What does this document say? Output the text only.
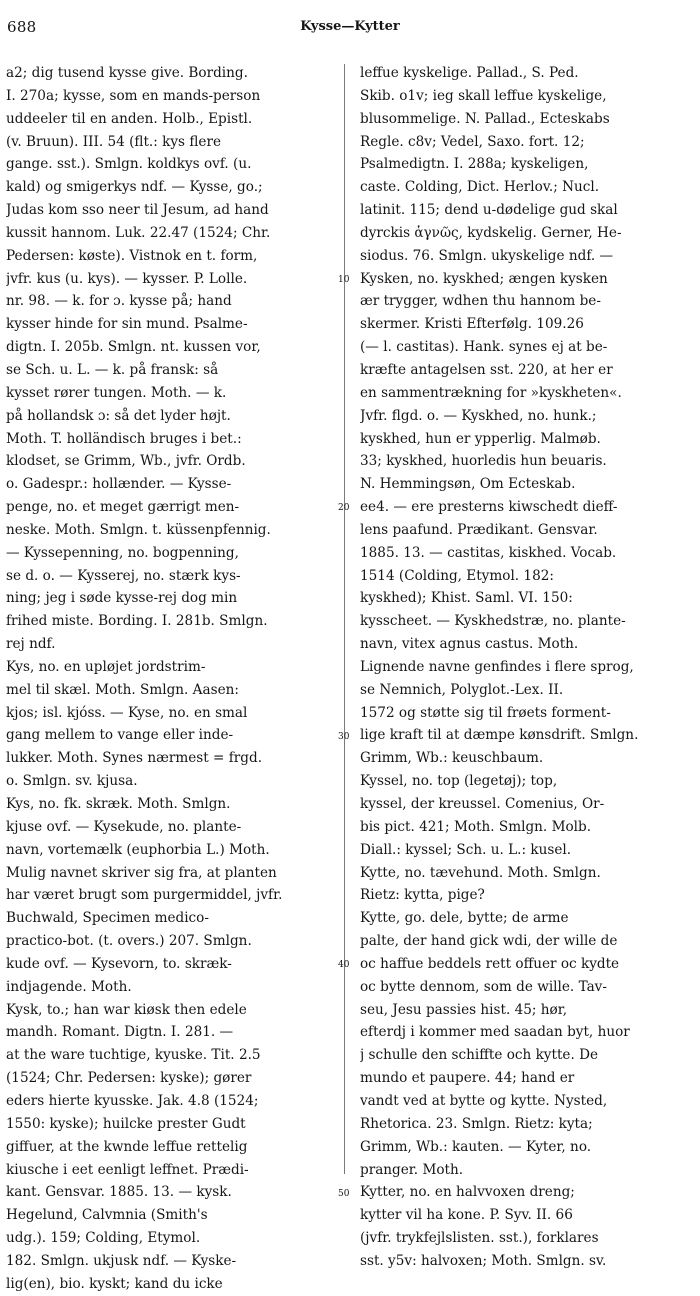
688	Kysse—Kytter
a2; dig tusend kysse give. Bording.
I. 270a; kysse, som en mands-person
uddeeler til en anden. Holb., Epistl.
(v. Bruun). III. 54 (flt.: kys flere
gange. sst.). Smlgn. koldkys ovf. (u.
kald) og smigerkys ndf. — Kysse, go.;
Judas kom sso neer til Jesum, ad hand
kussit hannom. Luk. 22.47 (1524; Chr.
Pedersen: køste). Vistnok en t. form,
jvfr. kus (u. kys). — kysser. P. Lolle.
nr. 98. — k. for ɔ. kysse på; hand
kysser hinde for sin mund. Psalme-
digtn. I. 205b. Smlgn. nt. kussen vor,
se Sch. u. L. — k. på fransk: så
kysset rører tungen. Moth. — k.
på hollandsk ɔ: så det lyder højt.
Moth. T. holländisch bruges i bet.:
klodset, se Grimm, Wb., jvfr. Ordb.
o. Gadespr.: hollænder. — Kysse-
penge, no. et meget gærrigt men-
neske. Moth. Smlgn. t. küssenpfennig.
— Kyssepenning, no. bogpenning,
se d. o. — Kysserej, no. stærk kys-
ning; jeg i søde kysse-rej dog min
frihed miste. Bording. I. 281b. Smlgn.
rej ndf.
Kys, no. en upløjet jordstrim-
mel til skæl. Moth. Smlgn. Aasen:
kjos; isl. kjóss. — Kyse, no. en smal
gang mellem to vange eller inde-
lukker. Moth. Synes nærmest = frgd.
o. Smlgn. sv. kjusa.
Kys, no. fk. skræk. Moth. Smlgn.
kjuse ovf. — Kysekude, no. plante-
navn, vortemælk (euphorbia L.) Moth.
Mulig navnet skriver sig fra, at planten
har været brugt som purgermiddel, jvfr.
Buchwald, Specimen medico-
practico-bot. (t. overs.) 207. Smlgn.
kude ovf. — Kysevorn, to. skræk-
indjagende. Moth.
Kysk, to.; han war kiøsk then edele
mandh. Romant. Digtn. I. 281. —
at the ware tuchtige, kyuske. Tit. 2.5
(1524; Chr. Pedersen: kyske); gører
eders hierte kyusske. Jak. 4.8 (1524;
1550: kyske); huilcke prester Gudt
giffuer, at the kwnde leffue rettelig
kiusche i eet eenligt leffnet. Prædi-
kant. Gensvar. 1885. 13. — kysk.
Hegelund, Calvmnia (Smith's
udg.). 159; Colding, Etymol.
182. Smlgn. ukjusk ndf. — Kyske-
lig(en), bio. kyskt; kand du icke
leffue kyskelige. Pallad., S. Ped.
Skib. o1v; ieg skall leffue kyskelige,
blusommelige. N. Pallad., Ecteskabs
Regle. c8v; Vedel, Saxo. fort. 12;
Psalmedigtn. I. 288a; kyskeligen,
caste. Colding, Dict. Herlov.; Nucl.
latinit. 115; dend u-dødelige gud skal
dyrckis ἁγνῶς, kydskelig. Gerner, He-
siodus. 76. Smlgn. ukyskelige ndf. —
Kysken, no. kyskhed; ængen kysken
ær trygger, wdhen thu hannom be-
skermer. Kristi Efterfølg. 109.26
(— l. castitas). Hank. synes ej at be-
kræfte antagelsen sst. 220, at her er
en sammentrækning for »kyskheten«.
Jvfr. flgd. o. — Kyskhed, no. hunk.;
kyskhed, hun er ypperlig. Malmøb.
33; kyskhed, huorledis hun beuaris.
N. Hemmingsøn, Om Ecteskab.
ee4. — ere presterns kiwschedt dieff-
lens paafund. Prædikant. Gensvar.
1885. 13. — castitas, kiskhed. Vocab.
1514 (Colding, Etymol. 182:
kyskhed); Khist. Saml. VI. 150:
kysscheet. — Kyskhedstræ, no. plante-
navn, vitex agnus castus. Moth.
Lignende navne genfindes i flere sprog,
se Nemnich, Polyglot.-Lex. II.
1572 og støtte sig til frøets forment-
lige kraft til at dæmpe kønsdrift. Smlgn.
Grimm, Wb.: keuschbaum.
Kyssel, no. top (legetøj); top,
kyssel, der kreussel. Comenius, Or-
bis pict. 421; Moth. Smlgn. Molb.
Diall.: kyssel; Sch. u. L.: kusel.
Kytte, no. tævehund. Moth. Smlgn.
Rietz: kytta, pige?
Kytte, go. dele, bytte; de arme
palte, der hand gick wdi, der wille de
oc haffue beddels rett offuer oc kydte
oc bytte dennom, som de wille. Tav-
seu, Jesu passies hist. 45; hør,
efterdj i kommer med saadan byt, huor
j schulle den schiffte och kytte. De
mundo et paupere. 44; hand er
vandt ved at bytte og kytte. Nysted,
Rhetorica. 23. Smlgn. Rietz: kyta;
Grimm, Wb.: kauten. — Kyter, no.
pranger. Moth.
Kytter, no. en halvvoxen dreng;
kytter vil ha kone. P. Syv. II. 66
(jvfr. trykfejlslisten. sst.), forklares
sst. y5v: halvoxen; Moth. Smlgn. sv.
10
20
30
40
50
